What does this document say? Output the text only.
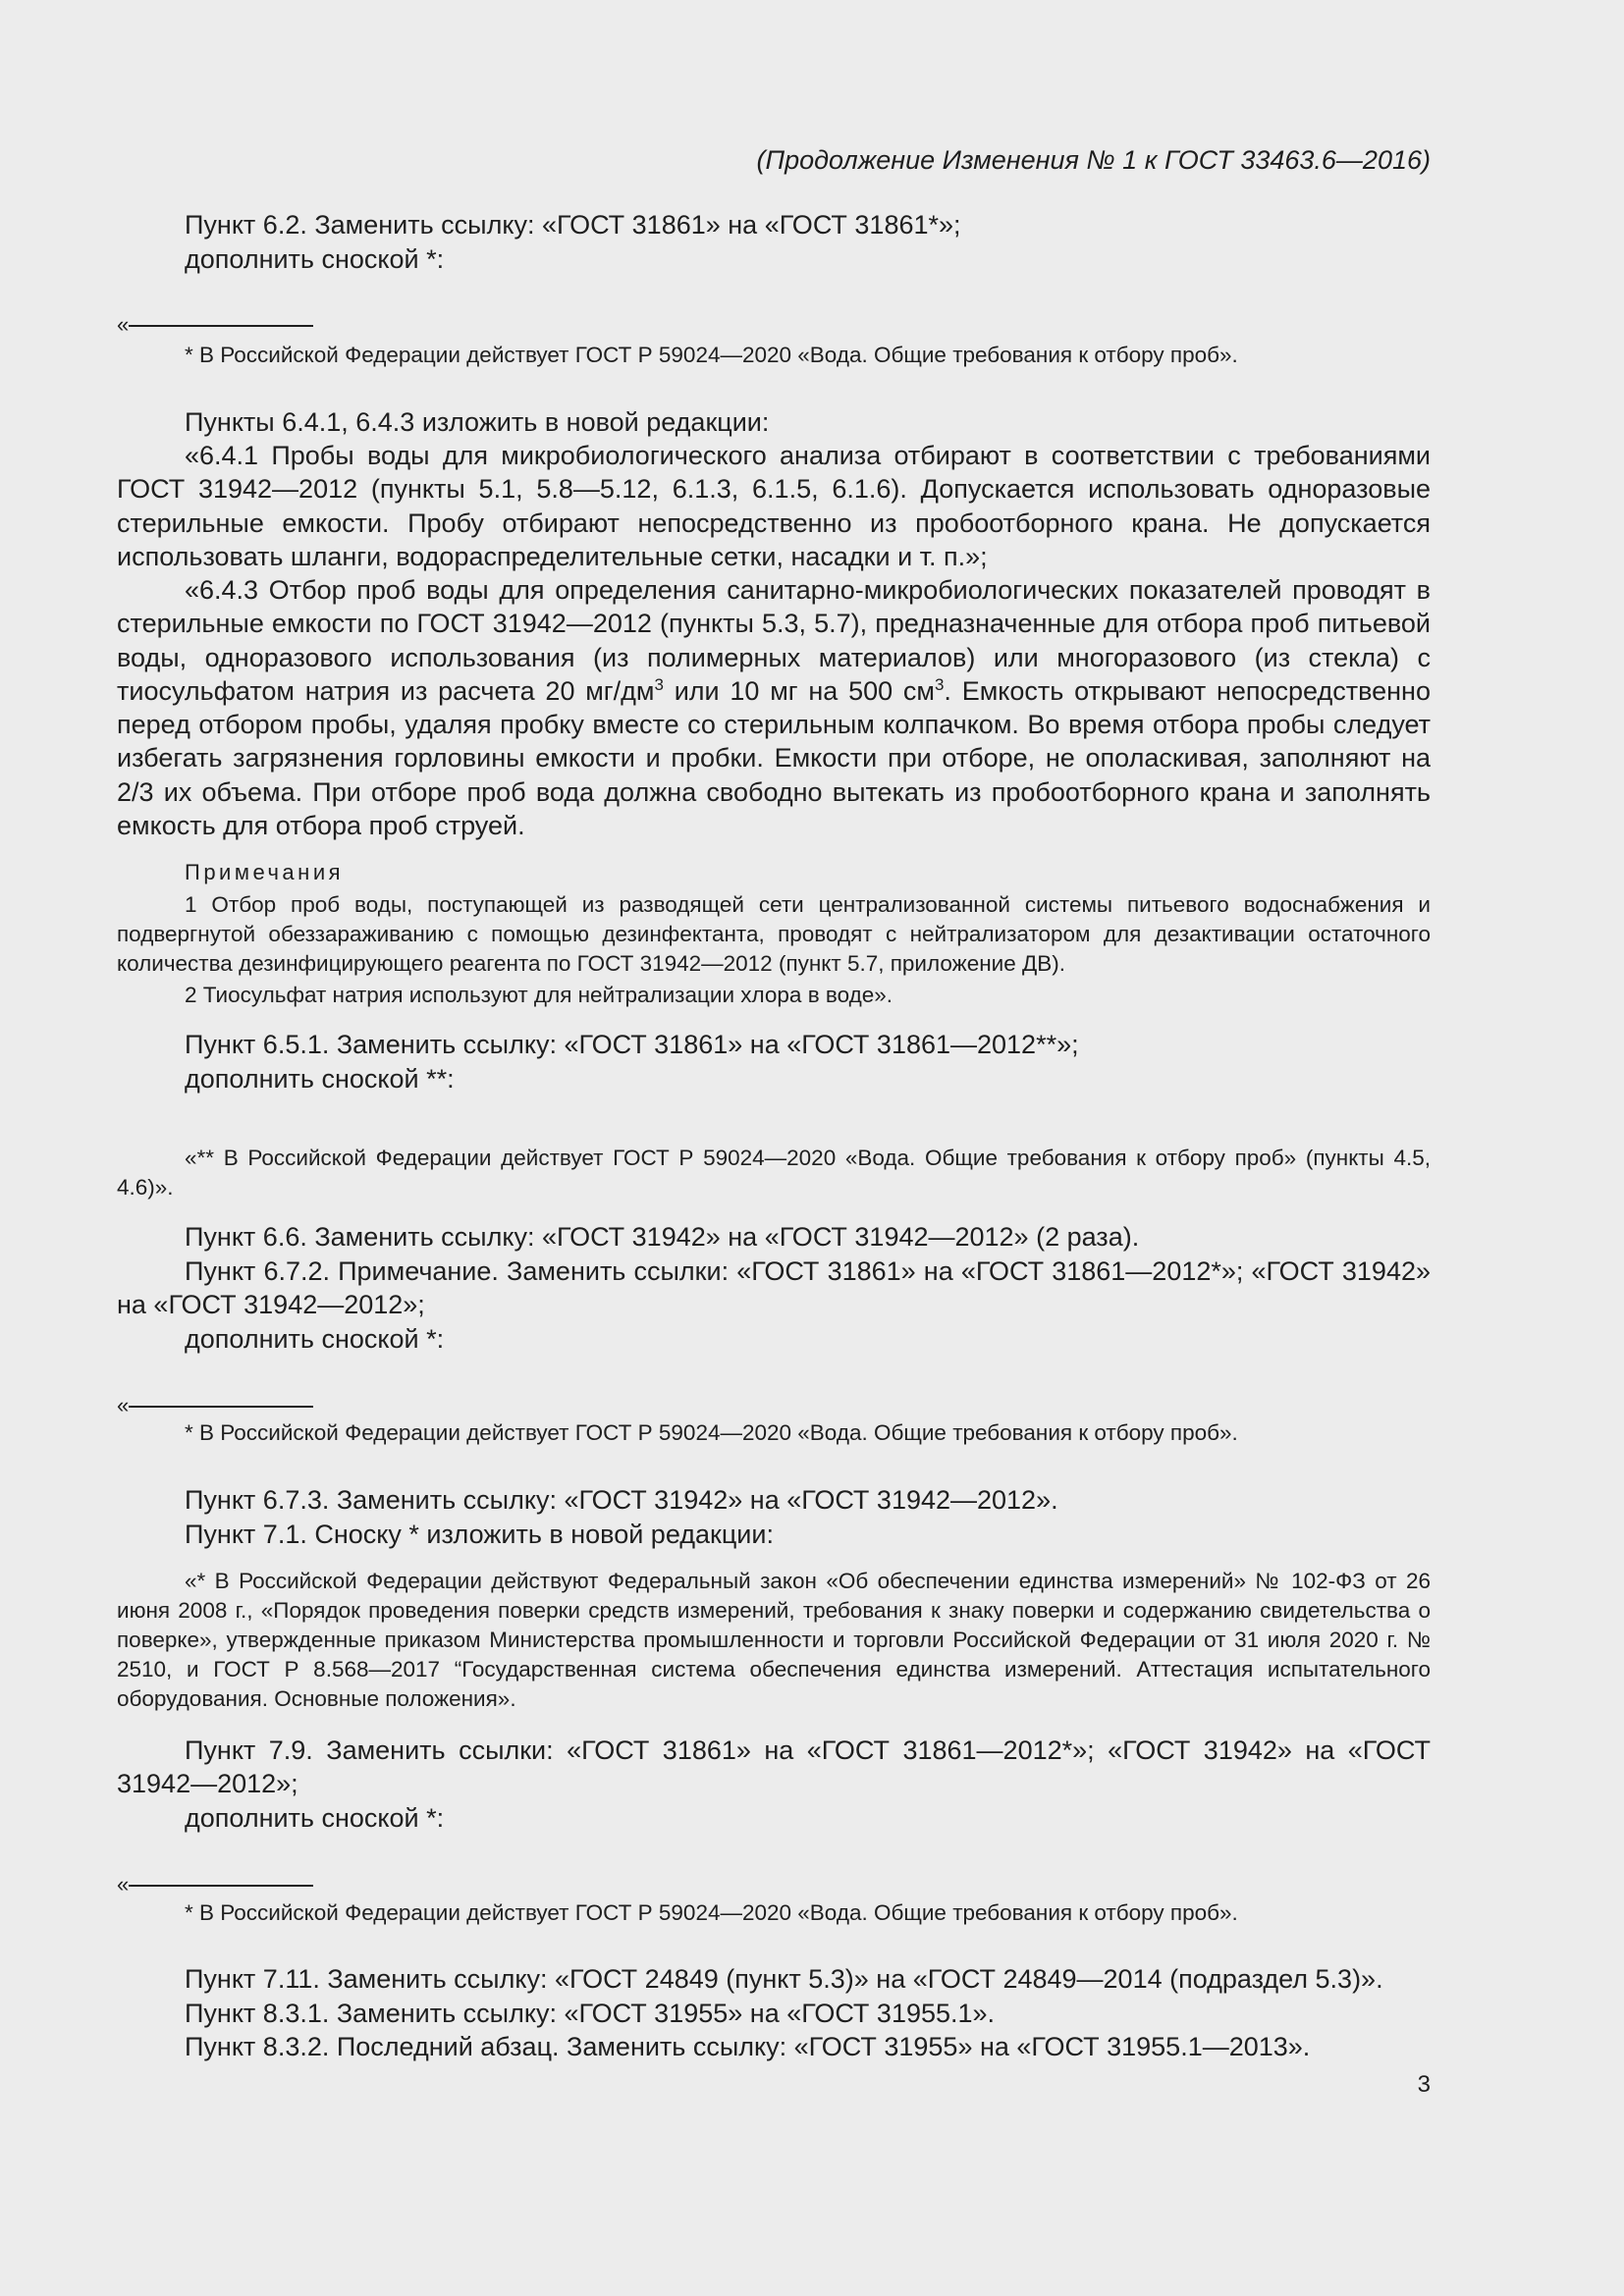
(Продолжение Изменения № 1 к ГОСТ 33463.6—2016)

Пункт 6.2. Заменить ссылку: «ГОСТ 31861» на «ГОСТ 31861*»;

дополнить сноской *:

«

* В Российской Федерации действует ГОСТ Р 59024—2020 «Вода. Общие требования к отбору проб».

Пункты 6.4.1, 6.4.3 изложить в новой редакции:

«6.4.1 Пробы воды для микробиологического анализа отбирают в соответствии с требованиями ГОСТ 31942—2012 (пункты 5.1, 5.8—5.12, 6.1.3, 6.1.5, 6.1.6). Допускается использовать одноразовые стерильные емкости. Пробу отбирают непосредственно из пробоотборного крана. Не допускается использовать шланги, водораспределительные сетки, насадки и т. п.»;

«6.4.3 Отбор проб воды для определения санитарно-микробиологических показателей проводят в стерильные емкости по ГОСТ 31942—2012 (пункты 5.3, 5.7), предназначенные для отбора проб питьевой воды, одноразового использования (из полимерных материалов) или многоразового (из стекла) с тиосульфатом натрия из расчета 20 $мг/дм^3$ или 10 мг на 500 $см^3$. Емкость открывают непосредственно перед отбором пробы, удаляя пробку вместе со стерильным колпачком. Во время отбора пробы следует избегать загрязнения горловины емкости и пробки. Емкости при отборе, не ополаскивая, заполняют на 2/3 их объема. При отборе проб вода должна свободно вытекать из пробоотборного крана и заполнять емкость для отбора проб струей.

Примечания

1 Отбор проб воды, поступающей из разводящей сети централизованной системы питьевого водоснабжения и подвергнутой обеззараживанию с помощью дезинфектанта, проводят с нейтрализатором для дезактивации остаточного количества дезинфицирующего реагента по ГОСТ 31942—2012 (пункт 5.7, приложение ДВ).

2 Тиосульфат натрия используют для нейтрализации хлора в воде».

Пункт 6.5.1. Заменить ссылку: «ГОСТ 31861» на «ГОСТ 31861—2012**»;

дополнить сноской **:

«** В Российской Федерации действует ГОСТ Р 59024—2020 «Вода. Общие требования к отбору проб» (пункты 4.5, 4.6)».

Пункт 6.6. Заменить ссылку: «ГОСТ 31942» на «ГОСТ 31942—2012» (2 раза).

Пункт 6.7.2. Примечание. Заменить ссылки: «ГОСТ 31861» на «ГОСТ 31861—2012*»; «ГОСТ 31942» на «ГОСТ 31942—2012»;

дополнить сноской *:

«

* В Российской Федерации действует ГОСТ Р 59024—2020 «Вода. Общие требования к отбору проб».

Пункт 6.7.3. Заменить ссылку: «ГОСТ 31942» на «ГОСТ 31942—2012».

Пункт 7.1. Сноску * изложить в новой редакции:

«* В Российской Федерации действуют Федеральный закон «Об обеспечении единства измерений» № 102-ФЗ от 26 июня 2008 г., «Порядок проведения поверки средств измерений, требования к знаку поверки и содержанию свидетельства о поверке», утвержденные приказом Министерства промышленности и торговли Российской Федерации от 31 июля 2020 г. № 2510, и ГОСТ Р 8.568—2017 “Государственная система обеспечения единства измерений. Аттестация испытательного оборудования. Основные положения».

Пункт 7.9. Заменить ссылки: «ГОСТ 31861» на «ГОСТ 31861—2012*»; «ГОСТ 31942» на «ГОСТ 31942—2012»;

дополнить сноской *:

«

* В Российской Федерации действует ГОСТ Р 59024—2020 «Вода. Общие требования к отбору проб».

Пункт 7.11. Заменить ссылку: «ГОСТ 24849 (пункт 5.3)» на «ГОСТ 24849—2014 (подраздел 5.3)».

Пункт 8.3.1. Заменить ссылку: «ГОСТ 31955» на «ГОСТ 31955.1».

Пункт 8.3.2. Последний абзац. Заменить ссылку: «ГОСТ 31955» на «ГОСТ 31955.1—2013».

3
